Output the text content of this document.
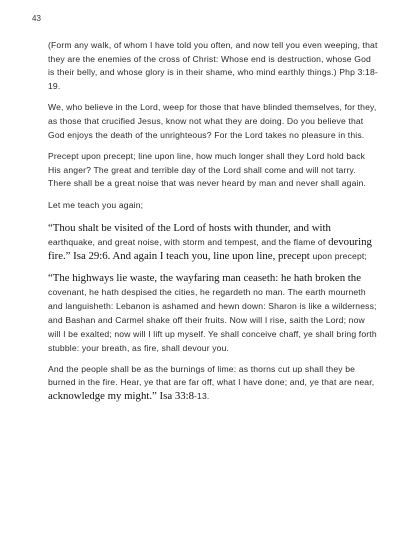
43

(Form any walk, of whom I have told you often, and now tell you even weeping, that they are the enemies of the cross of Christ: Whose end is destruction, whose God is their belly, and whose glory is in their shame, who mind earthly things.) Php 3:18-19.

We, who believe in the Lord, weep for those that have blinded themselves, for they, as those that crucified Jesus, know not what they are doing. Do you believe that God enjoys the death of the unrighteous? For the Lord takes no pleasure in this.

Precept upon precept; line upon line, how much longer shall they Lord hold back His anger? The great and terrible day of the Lord shall come and will not tarry. There shall be a great noise that was never heard by man and never shall again.

Let me teach you again;

“Thou shalt be visited of the Lord of hosts with thunder, and with earthquake, and great noise, with storm and tempest, and the flame of devouring fire.” Isa 29:6. And again I teach you, line upon line, precept upon precept;

“The highways lie waste, the wayfaring man ceaseth: he hath broken the covenant, he hath despised the cities, he regardeth no man. The earth mourneth and languisheth: Lebanon is ashamed and hewn down: Sharon is like a wilderness; and Bashan and Carmel shake off their fruits. Now will I rise, saith the Lord; now will I be exalted; now will I lift up myself. Ye shall conceive chaff, ye shall bring forth stubble: your breath, as fire, shall devour you.

And the people shall be as the burnings of lime: as thorns cut up shall they be burned in the fire. Hear, ye that are far off, what I have done; and, ye that are near, acknowledge my might.” Isa 33:8-13.
